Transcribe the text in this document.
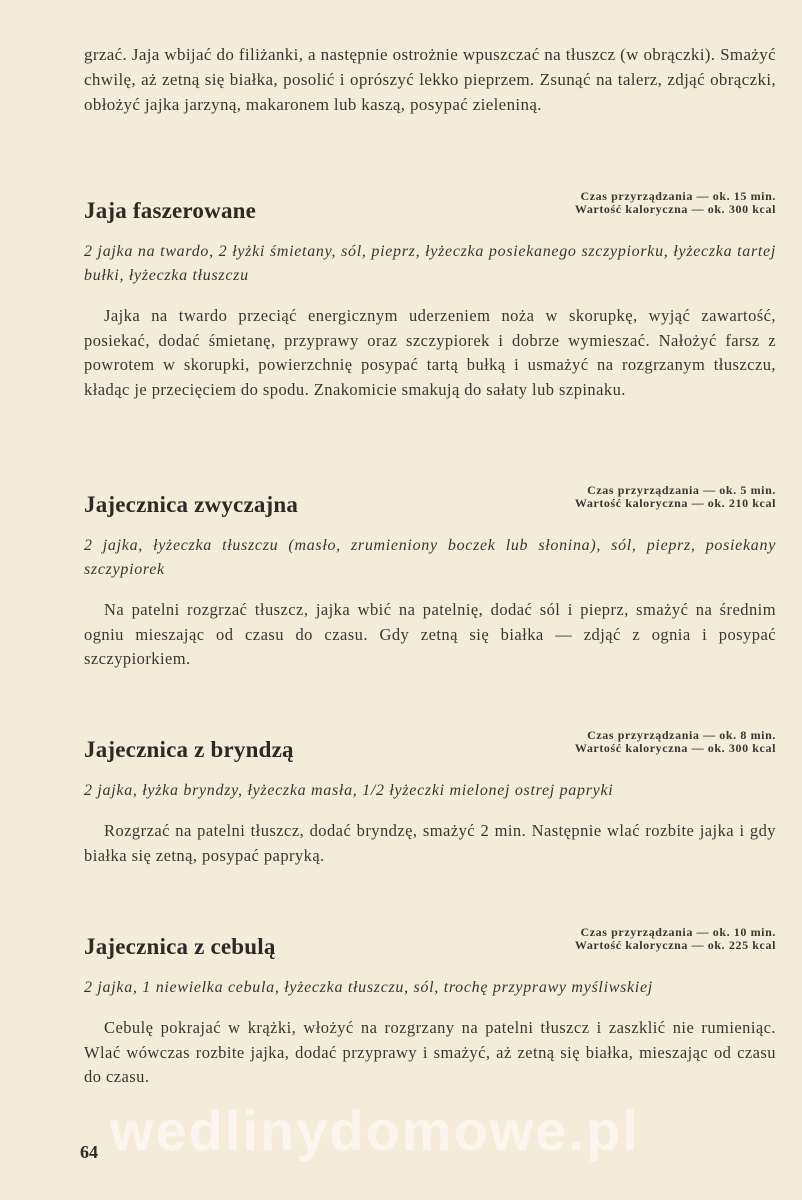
grzać. Jaja wbijać do filiżanki, a następnie ostrożnie wpuszczać na tłuszcz (w obrączki). Smażyć chwilę, aż zetną się białka, posolić i oprószyć lekko pieprzem. Zsunąć na talerz, zdjąć obrączki, obłożyć jajka jarzyną, makaronem lub kaszą, posypać zieleniną.

Jaja faszerowane
Czas przyrządzania — ok. 15 min.
Wartość kaloryczna — ok. 300 kcal
2 jajka na twardo, 2 łyżki śmietany, sól, pieprz, łyżeczka posiekanego szczypiorku, łyżeczka tartej bułki, łyżeczka tłuszczu
Jajka na twardo przeciąć energicznym uderzeniem noża w skorupkę, wyjąć zawartość, posiekać, dodać śmietanę, przyprawy oraz szczypiorek i dobrze wymieszać. Nałożyć farsz z powrotem w skorupki, powierzchnię posypać tartą bułką i usmażyć na rozgrzanym tłuszczu, kładąc je przecięciem do spodu. Znakomicie smakują do sałaty lub szpinaku.
Jajecznica zwyczajna
Czas przyrządzania — ok. 5 min.
Wartość kaloryczna — ok. 210 kcal
2 jajka, łyżeczka tłuszczu (masło, zrumieniony boczek lub słonina), sól, pieprz, posiekany szczypiorek
Na patelni rozgrzać tłuszcz, jajka wbić na patelnię, dodać sól i pieprz, smażyć na średnim ogniu mieszając od czasu do czasu. Gdy zetną się białka — zdjąć z ognia i posypać szczypiorkiem.
Jajecznica z bryndzą
Czas przyrządzania — ok. 8 min.
Wartość kaloryczna — ok. 300 kcal
2 jajka, łyżka bryndzy, łyżeczka masła, 1/2 łyżeczki mielonej ostrej papryki
Rozgrzać na patelni tłuszcz, dodać bryndzę, smażyć 2 min. Następnie wlać rozbite jajka i gdy białka się zetną, posypać papryką.
Jajecznica z cebulą
Czas przyrządzania — ok. 10 min.
Wartość kaloryczna — ok. 225 kcal
2 jajka, 1 niewielka cebula, łyżeczka tłuszczu, sól, trochę przyprawy myśliwskiej
Cebulę pokrajać w krążki, włożyć na rozgrzany na patelni tłuszcz i zaszklić nie rumieniąc. Wlać wówczas rozbite jajka, dodać przyprawy i smażyć, aż zetną się białka, mieszając od czasu do czasu.
wedlinydomowe.pl
64
